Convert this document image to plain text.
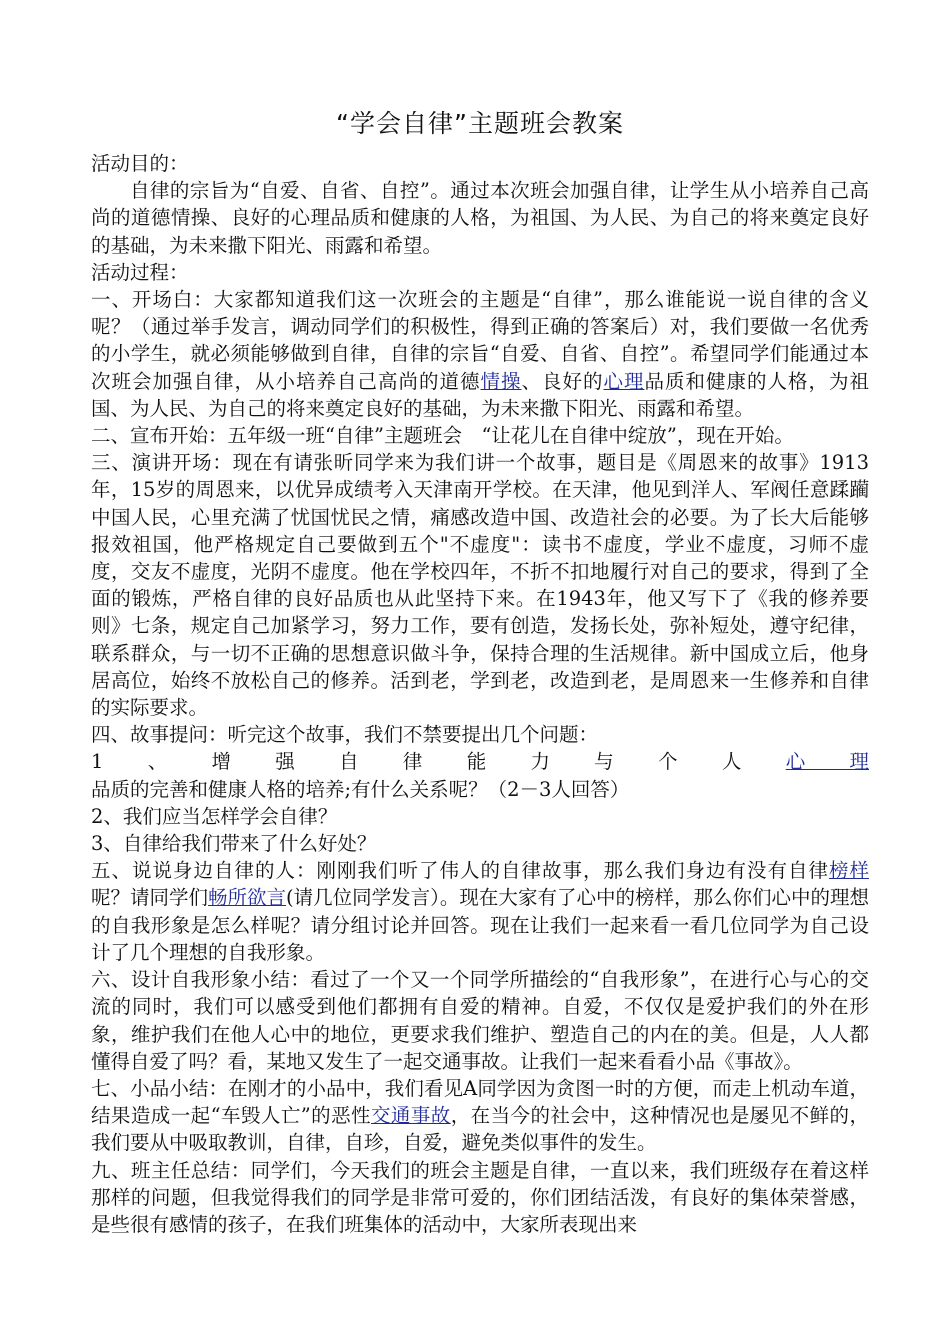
“学会自律”主题班会教案

活动目的：

自律的宗旨为“自爱、自省、自控”。通过本次班会加强自律，让学生从小培养自己高尚的道德情操、良好的心理品质和健康的人格，为祖国、为人民、为自己的将来奠定良好的基础，为未来撒下阳光、雨露和希望。

活动过程：

一、开场白：大家都知道我们这一次班会的主题是“自律”，那么谁能说一说自律的含义呢？（通过举手发言，调动同学们的积极性，得到正确的答案后）对，我们要做一名优秀的小学生，就必须能够做到自律，自律的宗旨“自爱、自省、自控”。希望同学们能通过本次班会加强自律，从小培养自己高尚的道德情操、良好的心理品质和健康的人格，为祖国、为人民、为自己的将来奠定良好的基础，为未来撒下阳光、雨露和希望。

二、宣布开始：五年级一班“自律”主题班会　“让花儿在自律中绽放”，现在开始。

三、演讲开场：现在有请张昕同学来为我们讲一个故事，题目是《周恩来的故事》1913年，15岁的周恩来，以优异成绩考入天津南开学校。在天津，他见到洋人、军阀任意蹂躏中国人民，心里充满了忧国忧民之情，痛感改造中国、改造社会的必要。为了长大后能够报效祖国，他严格规定自己要做到五个"不虚度"：读书不虚度，学业不虚度，习师不虚度，交友不虚度，光阴不虚度。他在学校四年，不折不扣地履行对自己的要求，得到了全面的锻炼，严格自律的良好品质也从此坚持下来。在1943年，他又写下了《我的修养要则》七条，规定自己加紧学习，努力工作，要有创造，发扬长处，弥补短处，遵守纪律，联系群众，与一切不正确的思想意识做斗争，保持合理的生活规律。新中国成立后，他身居高位，始终不放松自己的修养。活到老，学到老，改造到老，是周恩来一生修养和自律的实际要求。

四、故事提问：听完这个故事，我们不禁要提出几个问题：

1、增强自律能力与个人心理品质的完善和健康人格的培养;有什么关系呢？（2－3人回答）

2、我们应当怎样学会自律？

3、自律给我们带来了什么好处？

五、说说身边自律的人：刚刚我们听了伟人的自律故事，那么我们身边有没有自律榜样呢？请同学们畅所欲言(请几位同学发言）。现在大家有了心中的榜样，那么你们心中的理想的自我形象是怎么样呢？请分组讨论并回答。现在让我们一起来看一看几位同学为自己设计了几个理想的自我形象。

六、设计自我形象小结：看过了一个又一个同学所描绘的“自我形象”，在进行心与心的交流的同时，我们可以感受到他们都拥有自爱的精神。自爱，不仅仅是爱护我们的外在形象，维护我们在他人心中的地位，更要求我们维护、塑造自己的内在的美。但是，人人都懂得自爱了吗？看，某地又发生了一起交通事故。让我们一起来看看小品《事故》。

七、小品小结：在刚才的小品中，我们看见A同学因为贪图一时的方便，而走上机动车道，结果造成一起“车毁人亡”的恶性交通事故，在当今的社会中，这种情况也是屡见不鲜的，我们要从中吸取教训，自律，自珍，自爱，避免类似事件的发生。

九、班主任总结：同学们，今天我们的班会主题是自律，一直以来，我们班级存在着这样那样的问题，但我觉得我们的同学是非常可爱的，你们团结活泼，有良好的集体荣誉感，是些很有感情的孩子，在我们班集体的活动中，大家所表现出来
